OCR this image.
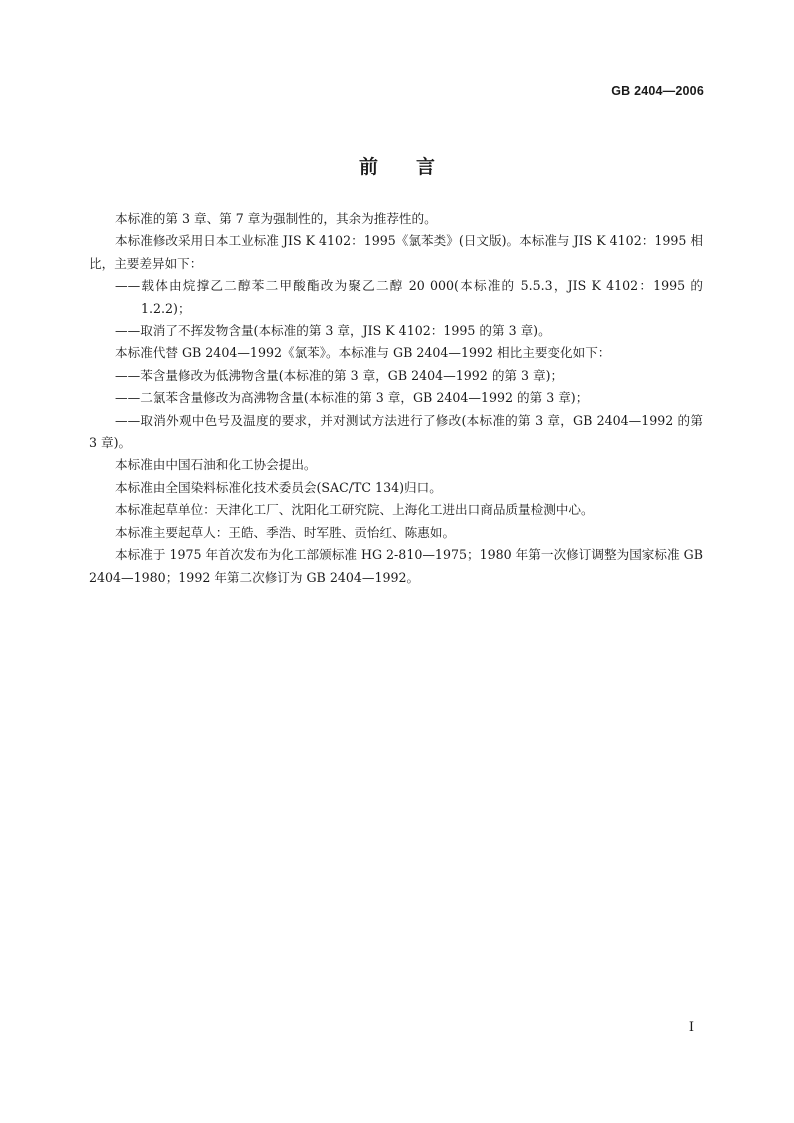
GB 2404—2006
前言

本标准的第 3 章、第 7 章为强制性的，其余为推荐性的。

本标准修改采用日本工业标准 JIS K 4102：1995《氯苯类》(日文版)。本标准与 JIS K 4102：1995 相比，主要差异如下：

——载体由烷撑乙二醇苯二甲酸酯改为聚乙二醇 20 000(本标准的 5.5.3，JIS K 4102：1995 的 1.2.2)；

——取消了不挥发物含量(本标准的第 3 章，JIS K 4102：1995 的第 3 章)。

本标准代替 GB 2404—1992《氯苯》。本标准与 GB 2404—1992 相比主要变化如下：

——苯含量修改为低沸物含量(本标准的第 3 章，GB 2404—1992 的第 3 章)；

——二氯苯含量修改为高沸物含量(本标准的第 3 章，GB 2404—1992 的第 3 章)；

——取消外观中色号及温度的要求，并对测试方法进行了修改(本标准的第 3 章，GB 2404—1992 的第 3 章)。

本标准由中国石油和化工协会提出。

本标准由全国染料标准化技术委员会(SAC/TC 134)归口。

本标准起草单位：天津化工厂、沈阳化工研究院、上海化工进出口商品质量检测中心。

本标准主要起草人：王皓、季浩、时军胜、贡怡红、陈惠如。

本标准于 1975 年首次发布为化工部颁标准 HG 2-810—1975；1980 年第一次修订调整为国家标准 GB 2404—1980；1992 年第二次修订为 GB 2404—1992。

I
